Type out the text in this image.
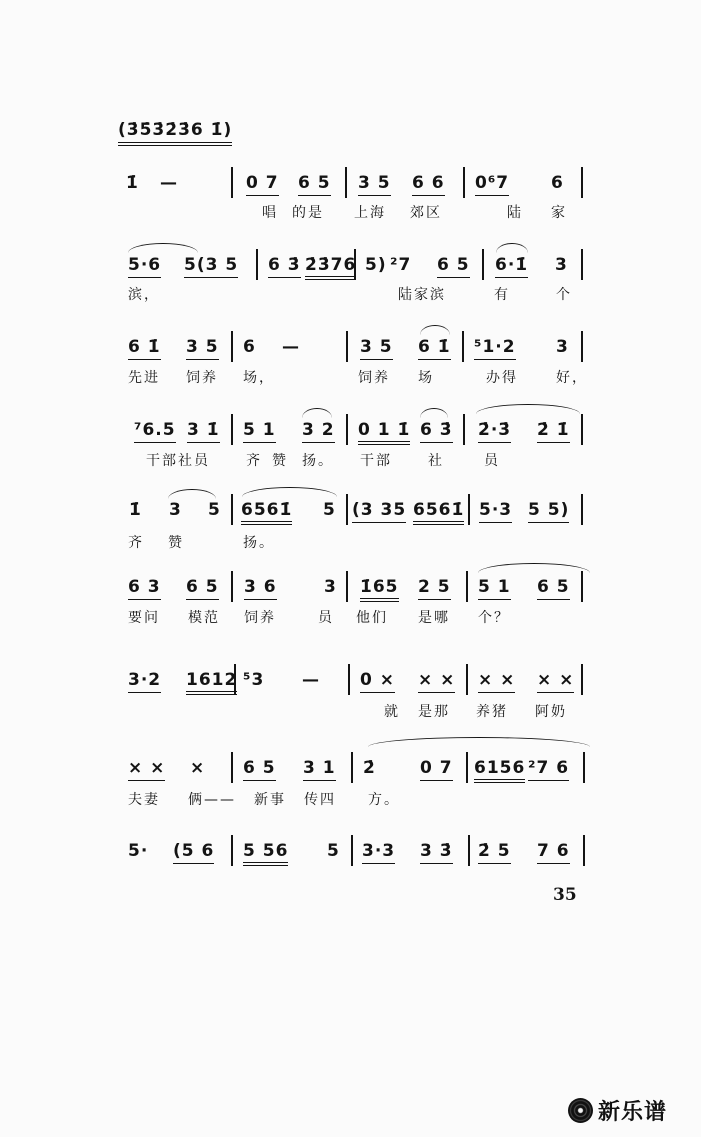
(3̇5̇3̇2̇3̇6 1̇)
1̇ —	0 7 6 5 3 5 6 6 0⁶7 6
唱 的是 上海 郊区	陆 家
5·6 5(3 5 6 3̇ 2̇3̇76 5) ²7 6 5 6·1̇ 3
滨，	陆家滨	有	个
6 1̇ 3 5 6 —	3 5 6 1̇ ⁵1·2 3
先进 饲养 场，	饲养 场	办得	好，
⁷6.5 3 1̇ 5 1 3 2 0 1 1̇ 6 3̇ 2̇·3̇ 2̇ 1̇
干部社员	齐 赞 扬。 干部	社	员
1̇ 3 5 6561̇ 5 (3 35 6561̇ 5·3 5 5)
齐 赞	扬。
6 3 6 5 3 6	3 1̇65 2 5 5 1 6 5
要问 模范 饲养	员 他们 是哪 个？
3·2 1612 ⁵3 — 0 × × × × × × ×
就 是那 养猪 阿奶
× × × 6 5 3 1 2̇	0 7 6156 ²7 6
夫妻 俩—— 新事 传四 方。
5· (5 6 5 56 5 3·3 3 3̇ 2̇ 5 7 6
35
新乐谱
